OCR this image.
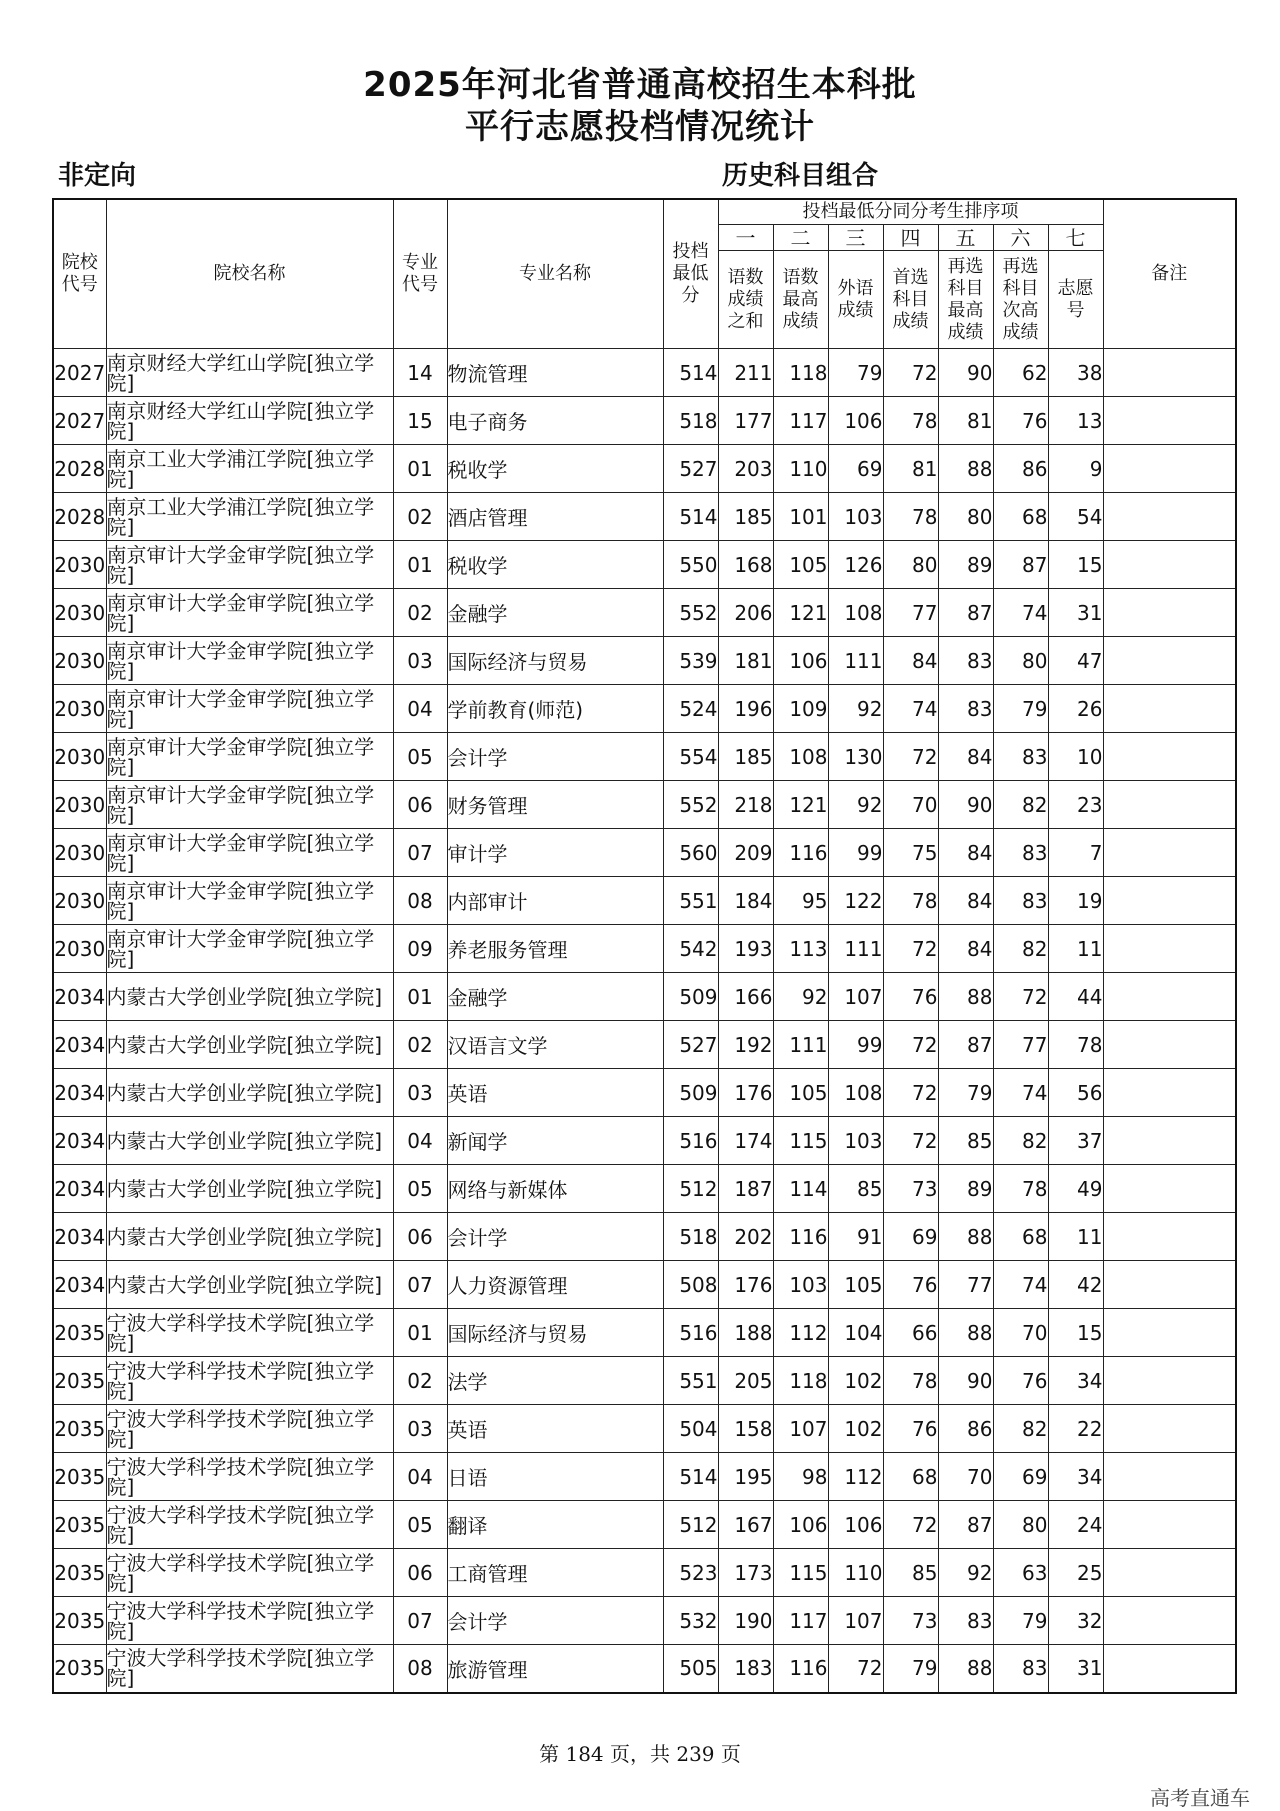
2025年河北省普通高校招生本科批
平行志愿投档情况统计
非定向	历史科目组合
院校代号	院校名称	专业代号	专业名称	投档最低分	投档最低分同分考生排序项							备注
					一	二	三	四	五	六	七	

					语数成绩之和	语数最高成绩	外语成绩	首选科目成绩	再选科目最高成绩	再选科目次高成绩	志愿号	

2027	南京财经大学红山学院[独立学院]	14	物流管理	514	211	118	79	72	90	62	38	
2027	南京财经大学红山学院[独立学院]	15	电子商务	518	177	117	106	78	81	76	13	
2028	南京工业大学浦江学院[独立学院]	01	税收学	527	203	110	69	81	88	86	9	
2028	南京工业大学浦江学院[独立学院]	02	酒店管理	514	185	101	103	78	80	68	54	
2030	南京审计大学金审学院[独立学院]	01	税收学	550	168	105	126	80	89	87	15	
2030	南京审计大学金审学院[独立学院]	02	金融学	552	206	121	108	77	87	74	31	
2030	南京审计大学金审学院[独立学院]	03	国际经济与贸易	539	181	106	111	84	83	80	47	
2030	南京审计大学金审学院[独立学院]	04	学前教育(师范)	524	196	109	92	74	83	79	26	
2030	南京审计大学金审学院[独立学院]	05	会计学	554	185	108	130	72	84	83	10	
2030	南京审计大学金审学院[独立学院]	06	财务管理	552	218	121	92	70	90	82	23	
2030	南京审计大学金审学院[独立学院]	07	审计学	560	209	116	99	75	84	83	7	
2030	南京审计大学金审学院[独立学院]	08	内部审计	551	184	95	122	78	84	83	19	
2030	南京审计大学金审学院[独立学院]	09	养老服务管理	542	193	113	111	72	84	82	11	
2034	内蒙古大学创业学院[独立学院]	01	金融学	509	166	92	107	76	88	72	44	
2034	内蒙古大学创业学院[独立学院]	02	汉语言文学	527	192	111	99	72	87	77	78	
2034	内蒙古大学创业学院[独立学院]	03	英语	509	176	105	108	72	79	74	56	
2034	内蒙古大学创业学院[独立学院]	04	新闻学	516	174	115	103	72	85	82	37	
2034	内蒙古大学创业学院[独立学院]	05	网络与新媒体	512	187	114	85	73	89	78	49	
2034	内蒙古大学创业学院[独立学院]	06	会计学	518	202	116	91	69	88	68	11	
2034	内蒙古大学创业学院[独立学院]	07	人力资源管理	508	176	103	105	76	77	74	42	
2035	宁波大学科学技术学院[独立学院]	01	国际经济与贸易	516	188	112	104	66	88	70	15	
2035	宁波大学科学技术学院[独立学院]	02	法学	551	205	118	102	78	90	76	34	
2035	宁波大学科学技术学院[独立学院]	03	英语	504	158	107	102	76	86	82	22	
2035	宁波大学科学技术学院[独立学院]	04	日语	514	195	98	112	68	70	69	34	
2035	宁波大学科学技术学院[独立学院]	05	翻译	512	167	106	106	72	87	80	24	
2035	宁波大学科学技术学院[独立学院]	06	工商管理	523	173	115	110	85	92	63	25	
2035	宁波大学科学技术学院[独立学院]	07	会计学	532	190	117	107	73	83	79	32	
2035	宁波大学科学技术学院[独立学院]	08	旅游管理	505	183	116	72	79	88	83	31	
第 184 页，共 239 页
高考直通车
